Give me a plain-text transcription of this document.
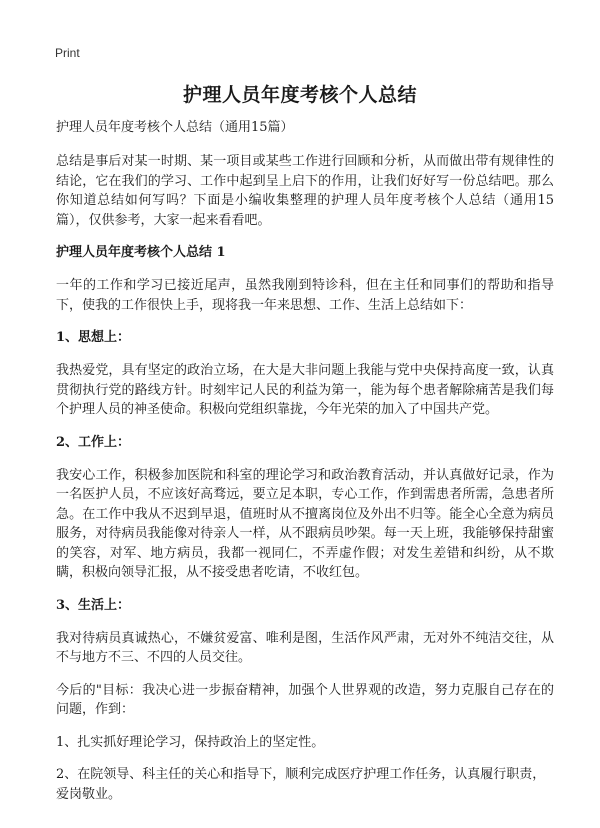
Print
护理人员年度考核个人总结

护理人员年度考核个人总结（通用15篇）

总结是事后对某一时期、某一项目或某些工作进行回顾和分析，从而做出带有规律性的结论，它在我们的学习、工作中起到呈上启下的作用，让我们好好写一份总结吧。那么你知道总结如何写吗？下面是小编收集整理的护理人员年度考核个人总结（通用15篇），仅供参考，大家一起来看看吧。

护理人员年度考核个人总结 1

一年的工作和学习已接近尾声，虽然我刚到特诊科，但在主任和同事们的帮助和指导下，使我的工作很快上手，现将我一年来思想、工作、生活上总结如下：

1、思想上：

我热爱党，具有坚定的政治立场，在大是大非问题上我能与党中央保持高度一致，认真贯彻执行党的路线方针。时刻牢记人民的利益为第一，能为每个患者解除痛苦是我们每个护理人员的神圣使命。积极向党组织靠拢，今年光荣的加入了中国共产党。

2、工作上：

我安心工作，积极参加医院和科室的理论学习和政治教育活动，并认真做好记录，作为一名医护人员，不应该好高骛远，要立足本职，专心工作，作到需患者所需，急患者所急。在工作中我从不迟到早退，值班时从不擅离岗位及外出不归等。能全心全意为病员服务，对待病员我能像对待亲人一样，从不跟病员吵架。每一天上班，我能够保持甜蜜的笑容，对军、地方病员，我都一视同仁，不弄虚作假；对发生差错和纠纷，从不欺瞒，积极向领导汇报，从不接受患者吃请，不收红包。

3、生活上：

我对待病员真诚热心，不嫌贫爱富、唯利是图，生活作风严肃，无对外不纯洁交往，从不与地方不三、不四的人员交往。

今后的"目标：我决心进一步振奋精神，加强个人世界观的改造，努力克服自己存在的问题，作到：

1、扎实抓好理论学习，保持政治上的坚定性。

2、在院领导、科主任的关心和指导下，顺利完成医疗护理工作任务，认真履行职责，爱岗敬业。
